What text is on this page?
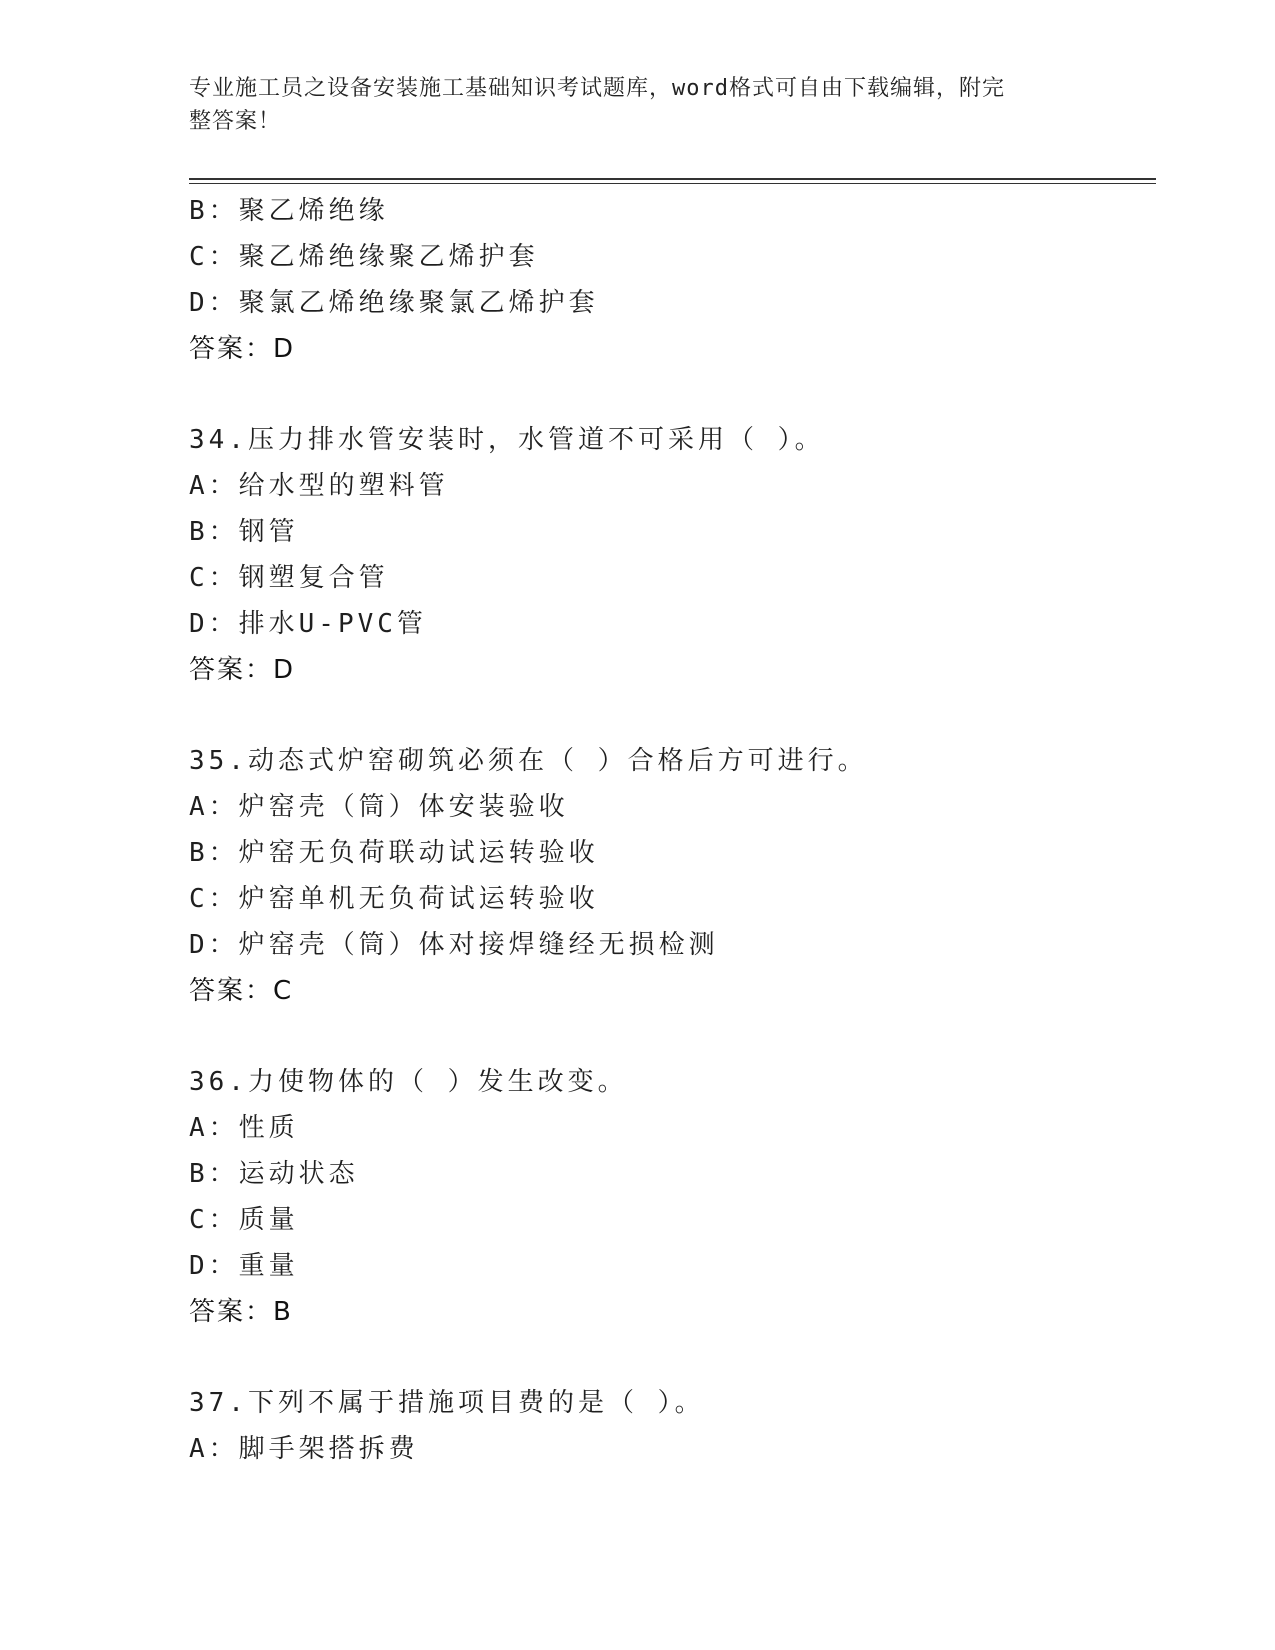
专业施工员之设备安装施工基础知识考试题库，word格式可自由下载编辑，附完
整答案！
B：聚乙烯绝缘
C：聚乙烯绝缘聚乙烯护套
D：聚氯乙烯绝缘聚氯乙烯护套
答案：D
34.压力排水管安装时，水管道不可采用（ ）。
A：给水型的塑料管
B：钢管
C：钢塑复合管
D：排水U-PVC管
答案：D
35.动态式炉窑砌筑必须在（ ）合格后方可进行。
A：炉窑壳（筒）体安装验收
B：炉窑无负荷联动试运转验收
C：炉窑单机无负荷试运转验收
D：炉窑壳（筒）体对接焊缝经无损检测
答案：C
36.力使物体的（ ）发生改变。
A：性质
B：运动状态
C：质量
D：重量
答案：B
37.下列不属于措施项目费的是（ ）。
A：脚手架搭拆费
